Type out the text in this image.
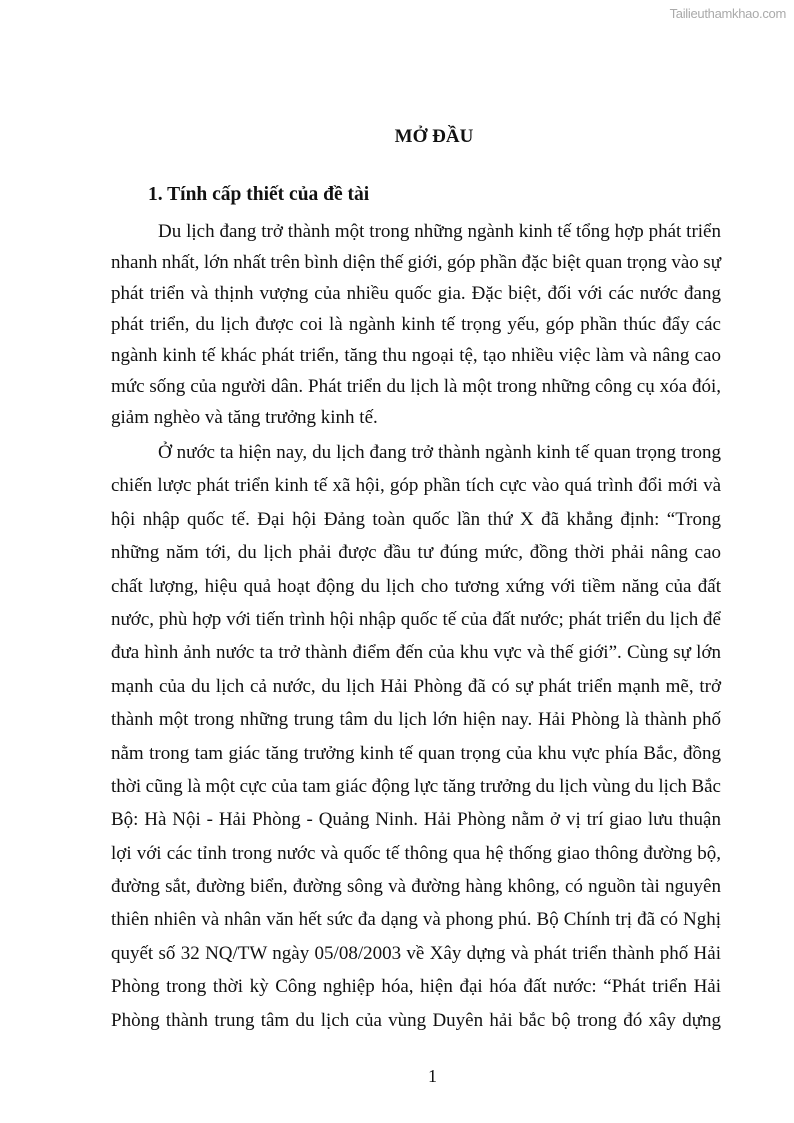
Tailieuthamkhao.com
MỞ ĐẦU
1. Tính cấp thiết của đề tài
Du lịch đang trở thành một trong những ngành kinh tế tổng hợp phát triển
nhanh nhất, lớn nhất trên bình diện thế giới, góp phần đặc biệt quan trọng vào sự
phát triển và thịnh vượng của nhiều quốc gia. Đặc biệt, đối với các nước đang
phát triển, du lịch được coi là ngành kinh tế trọng yếu, góp phần thúc đẩy các
ngành kinh tế khác phát triển, tăng thu ngoại tệ, tạo nhiều việc làm và nâng cao
mức sống của người dân. Phát triển du lịch là một trong những công cụ xóa đói,
giảm nghèo và tăng trưởng kinh tế.
Ở nước ta hiện nay, du lịch đang trở thành ngành kinh tế quan trọng trong
chiến lược phát triển kinh tế xã hội, góp phần tích cực vào quá trình đổi mới và
hội nhập quốc tế. Đại hội Đảng toàn quốc lần thứ X đã khẳng định: “Trong
những năm tới, du lịch phải được đầu tư đúng mức, đồng thời phải nâng cao
chất lượng, hiệu quả hoạt động du lịch cho tương xứng với tiềm năng của đất
nước, phù hợp với tiến trình hội nhập quốc tế của đất nước; phát triển du lịch để
đưa hình ảnh nước ta trở thành điểm đến của khu vực và thế giới”. Cùng sự lớn
mạnh của du lịch cả nước, du lịch Hải Phòng đã có sự phát triển mạnh mẽ, trở
thành một trong những trung tâm du lịch lớn hiện nay. Hải Phòng là thành phố
nằm trong tam giác tăng trưởng kinh tế quan trọng của khu vực phía Bắc, đồng
thời cũng là một cực của tam giác động lực tăng trưởng du lịch vùng du lịch Bắc
Bộ: Hà Nội - Hải Phòng - Quảng Ninh. Hải Phòng nằm ở vị trí giao lưu thuận
lợi với các tỉnh trong nước và quốc tế thông qua hệ thống giao thông đường bộ,
đường sắt, đường biển, đường sông và đường hàng không, có nguồn tài nguyên
thiên nhiên và nhân văn hết sức đa dạng và phong phú. Bộ Chính trị đã có Nghị
quyết số 32 NQ/TW ngày 05/08/2003 về Xây dựng và phát triển thành phố Hải
Phòng trong thời kỳ Công nghiệp hóa, hiện đại hóa đất nước: “Phát triển Hải
Phòng thành trung tâm du lịch của vùng Duyên hải bắc bộ trong đó xây dựng
1
